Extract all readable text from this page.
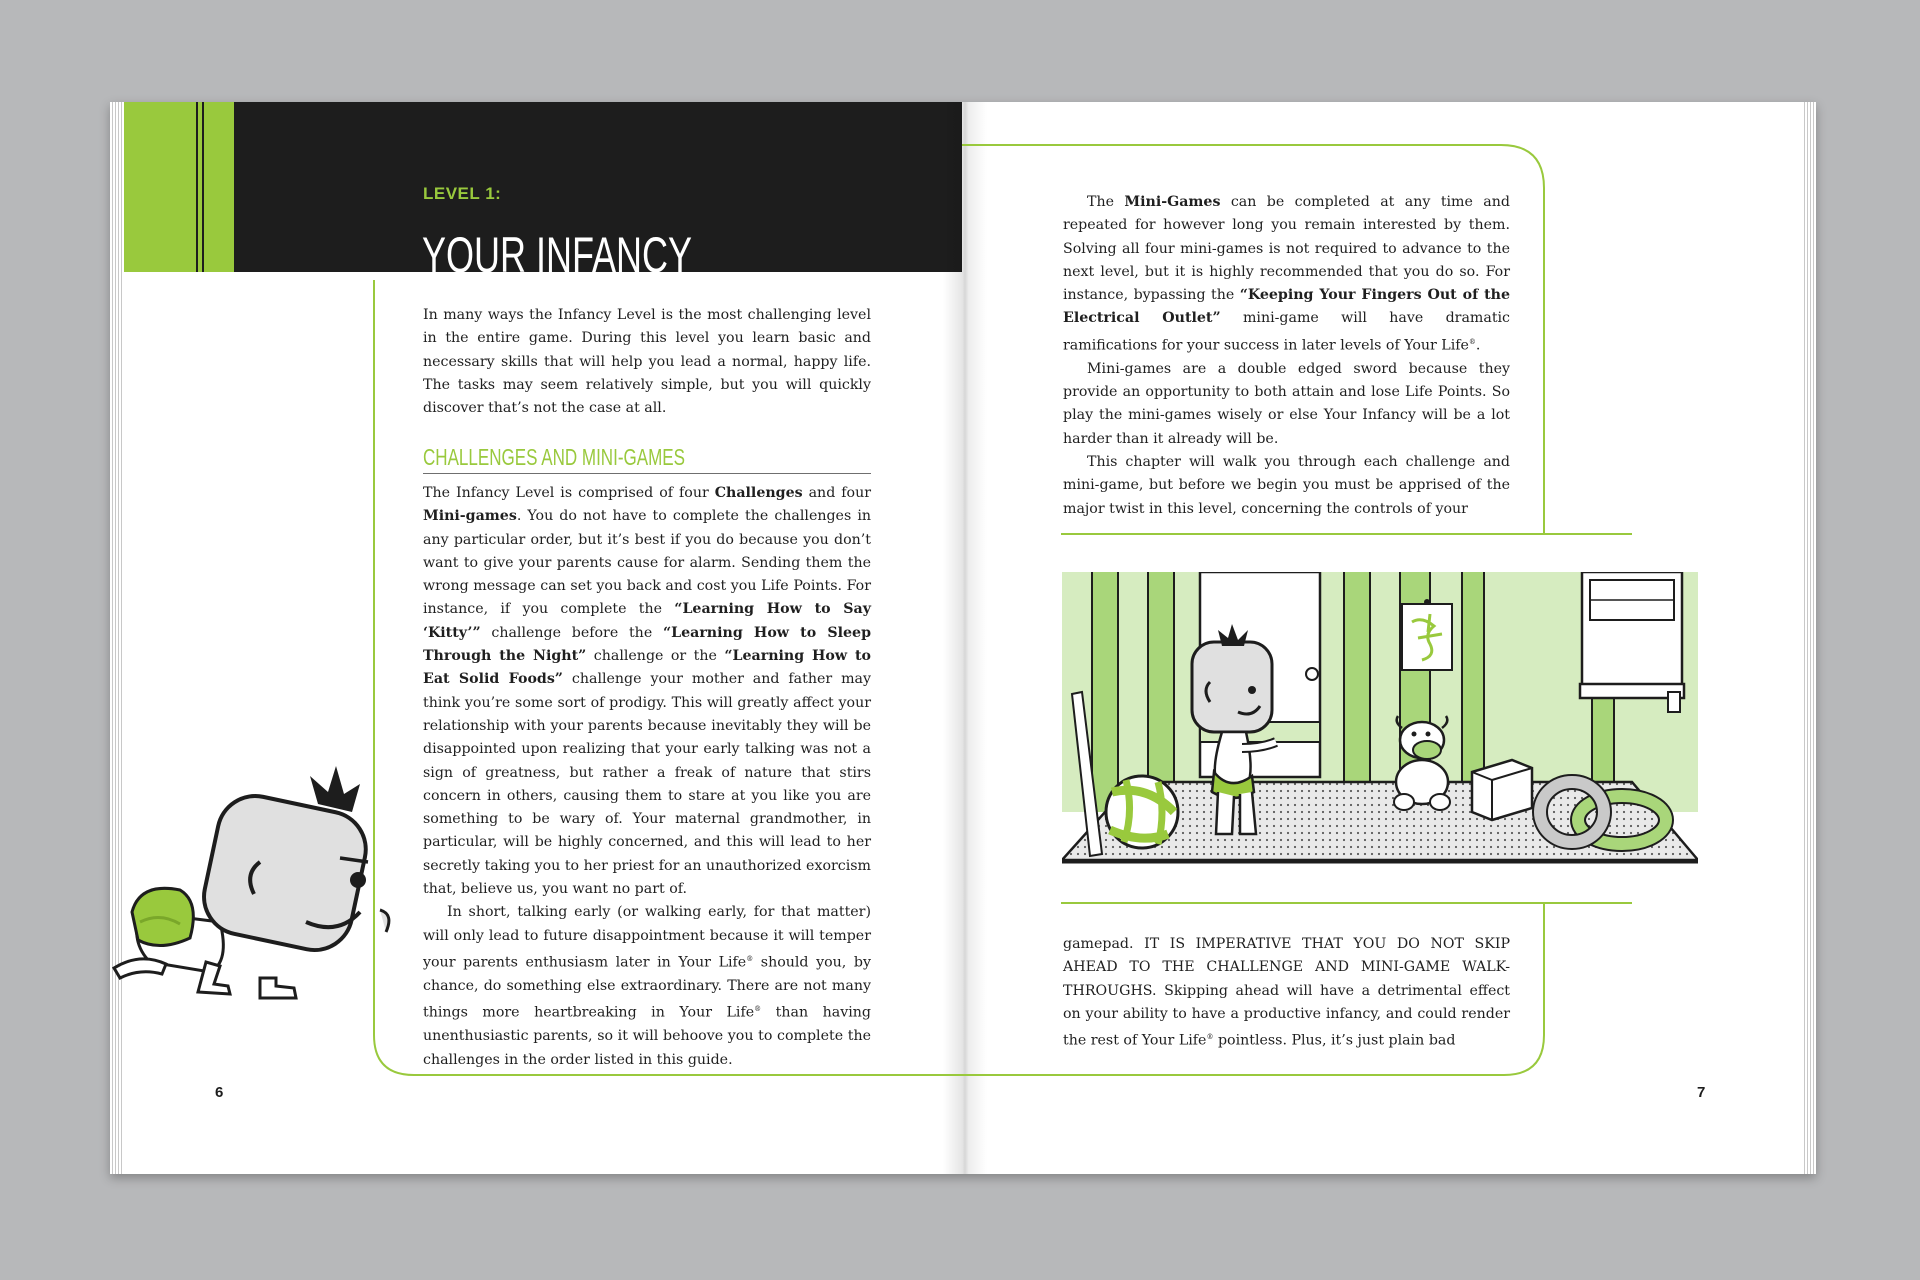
6
LEVEL 1:
YOUR INFANCY

In many ways the Infancy Level is the most challenging level in the entire game. During this level you learn basic and necessary skills that will help you lead a normal, happy life. The tasks may seem relatively simple, but you will quickly discover that’s not the case at all.

CHALLENGES AND MINI-GAMES

The Infancy Level is comprised of four Challenges and four Mini-games. You do not have to complete the challenges in any particular order, but it’s best if you do because you don’t want to give your parents cause for alarm. Sending them the wrong message can set you back and cost you Life Points. For instance, if you complete the “Learning How to Say ‘Kitty’” challenge before the “Learning How to Sleep Through the Night” challenge or the “Learning How to Eat Solid Foods” challenge your mother and father may think you’re some sort of prodigy. This will greatly affect your relationship with your parents because inevitably they will be disappointed upon realizing that your early talking was not a sign of greatness, but rather a freak of nature that stirs concern in others, causing them to stare at you like you are something to be wary of. Your maternal grandmother, in particular, will be highly concerned, and this will lead to her secretly taking you to her priest for an unauthorized exorcism that, believe us, you want no part of.

In short, talking early (or walking early, for that matter) will only lead to future disappointment because it will temper your parents enthusiasm later in Your Life® should you, by chance, do something else extraordinary. There are not many things more heartbreaking in Your Life® than having unenthusiastic parents, so it will behoove you to complete the challenges in the order listed in this guide.

The Mini-Games can be completed at any time and repeated for however long you remain interested by them. Solving all four mini-games is not required to advance to the next level, but it is highly recommended that you do so. For instance, bypassing the “Keeping Your Fingers Out of the Electrical Outlet” mini-game will have dramatic ramifications for your success in later levels of Your Life®.

Mini-games are a double edged sword because they provide an opportunity to both attain and lose Life Points. So play the mini-games wisely or else Your Infancy will be a lot harder than it already will be.

This chapter will walk you through each challenge and mini-game, but before we begin you must be apprised of the major twist in this level, concerning the controls of your

gamepad. IT IS IMPERATIVE THAT YOU DO NOT SKIP AHEAD TO THE CHALLENGE AND MINI-GAME WALK-THROUGHS. Skipping ahead will have a detrimental effect on your ability to have a productive infancy, and could render the rest of Your Life® pointless. Plus, it’s just plain bad

7
